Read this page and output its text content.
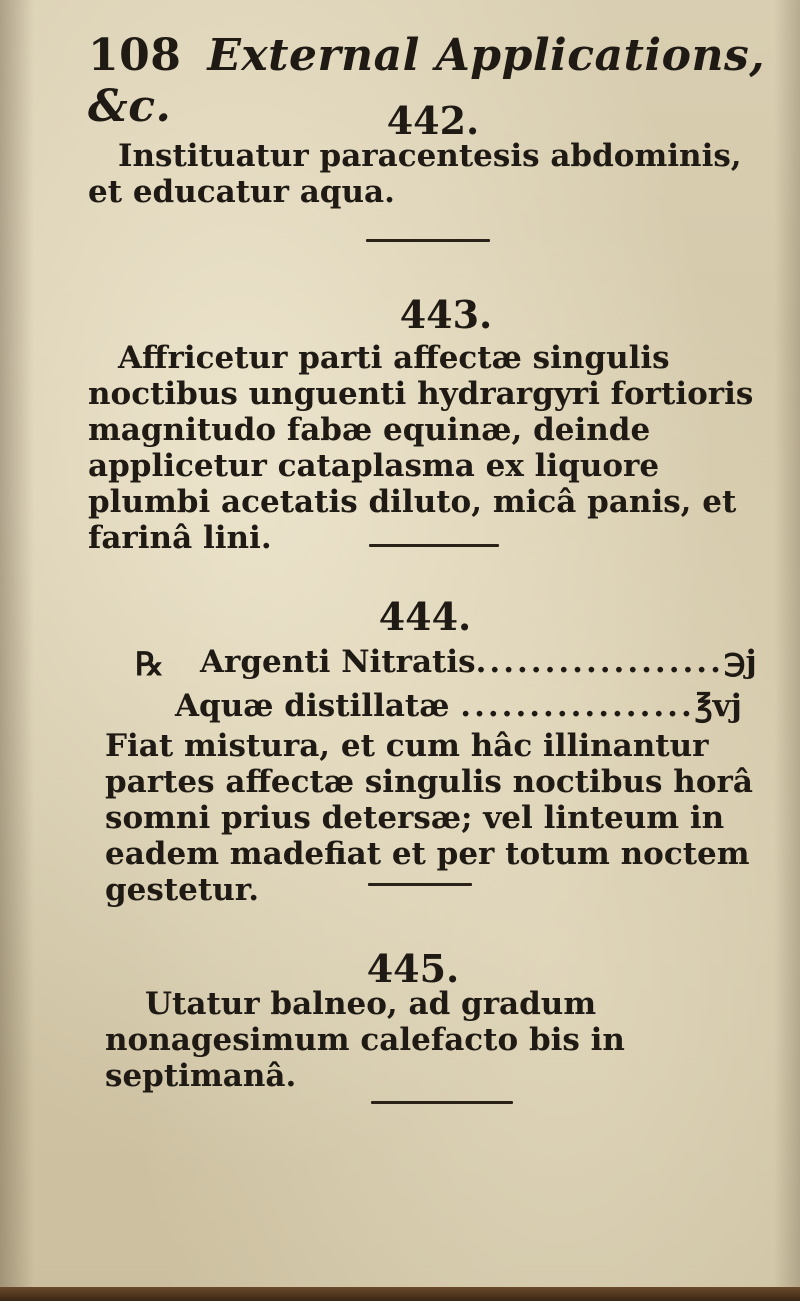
108 External Applications, &c.	442.

Instituatur paracentesis abdominis, et educatur aqua.

443.

Affricetur parti affectæ singulis noctibus unguenti hydrargyri fortioris magnitudo fabæ equinæ, deinde applicetur cataplasma ex liquore plumbi acetatis diluto, micâ panis, et farinâ lini.

444.
℞ Argenti Nitratis..................℈j
Aquæ distillatæ .................℥vj

Fiat mistura, et cum hâc illinantur partes affectæ singulis noctibus horâ somni prius detersæ; vel linteum in eadem madefiat et per totum noctem gestetur.

445.

Utatur balneo, ad gradum nonagesimum calefacto bis in septimanâ.
